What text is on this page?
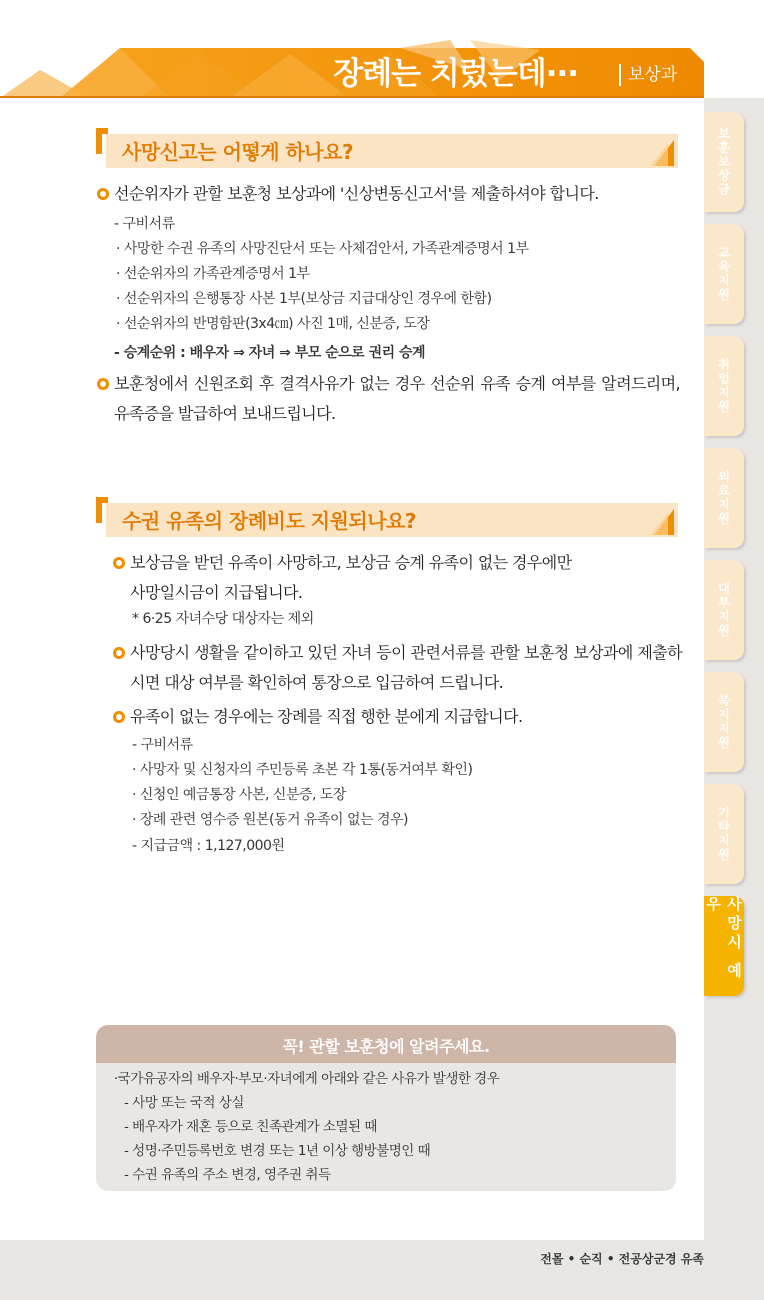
장례는 치렀는데···	보상과
보훈보상금
교육지원
취업지원
의료지원
대부지원
복지지원
기타지원
사망시 예우
사망신고는 어떻게 하나요?
선순위자가 관할 보훈청 보상과에 '신상변동신고서'를 제출하셔야 합니다.
- 구비서류
· 사망한 수권 유족의 사망진단서 또는 사체검안서, 가족관계증명서 1부
· 선순위자의 가족관계증명서 1부
· 선순위자의 은행통장 사본 1부(보상금 지급대상인 경우에 한함)
· 선순위자의 반명함판(3x4㎝) 사진 1매, 신분증, 도장
- 승계순위 : 배우자 ⇒ 자녀 ⇒ 부모 순으로 권리 승계
보훈청에서 신원조회 후 결격사유가 없는 경우 선순위 유족 승계 여부를 알려드리며, 유족증을 발급하여 보내드립니다.
수권 유족의 장례비도 지원되나요?
보상금을 받던 유족이 사망하고, 보상금 승계 유족이 없는 경우에만 사망일시금이 지급됩니다.
* 6·25 자녀수당 대상자는 제외
사망당시 생활을 같이하고 있던 자녀 등이 관련서류를 관할 보훈청 보상과에 제출하시면 대상 여부를 확인하여 통장으로 입금하여 드립니다.
유족이 없는 경우에는 장례를 직접 행한 분에게 지급합니다.
- 구비서류
· 사망자 및 신청자의 주민등록 초본 각 1통(동거여부 확인)
· 신청인 예금통장 사본, 신분증, 도장
· 장례 관련 영수증 원본(동거 유족이 없는 경우)
- 지급금액 : 1,127,000원
꼭! 관할 보훈청에 알려주세요.
·국가유공자의 배우자·부모·자녀에게 아래와 같은 사유가 발생한 경우
- 사망 또는 국적 상실
- 배우자가 재혼 등으로 친족관계가 소멸된 때
- 성명·주민등록번호 변경 또는 1년 이상 행방불명인 때
- 수권 유족의 주소 변경, 영주권 취득
전몰 • 순직 • 전공상군경 유족
